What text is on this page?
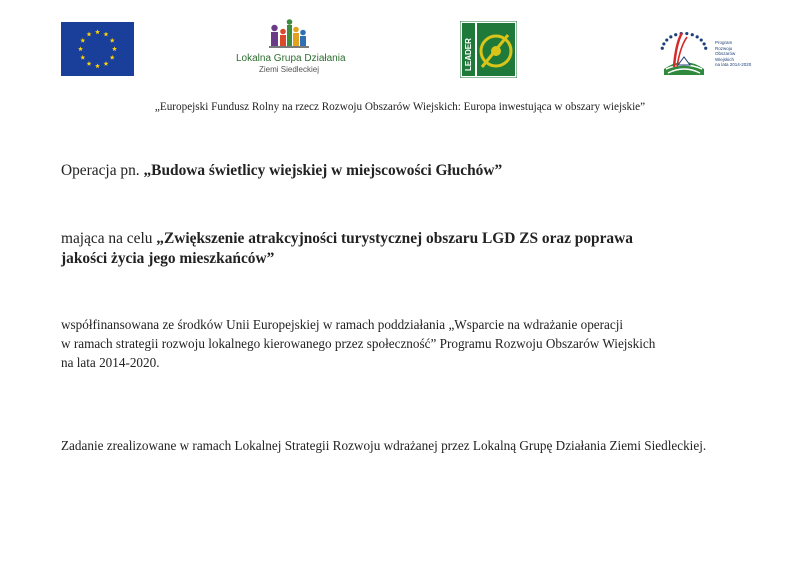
Lokalna Grupa Działania
Ziemi Siedleckiej	LEADER	Program
Rozwoju
Obszarów
Wiejskich
na lata 2014-2020

„Europejski Fundusz Rolny na rzecz Rozwoju Obszarów Wiejskich: Europa inwestująca w obszary wiejskie”

Operacja pn. „Budowa świetlicy wiejskiej w miejscowości Głuchów”

mająca na celu „Zwiększenie atrakcyjności turystycznej obszaru LGD ZS oraz poprawa
jakości życia jego mieszkańców”

współfinansowana ze środków Unii Europejskiej w ramach poddziałania „Wsparcie na wdrażanie operacji
w ramach strategii rozwoju lokalnego kierowanego przez społeczność” Programu Rozwoju Obszarów Wiejskich
na lata 2014-2020.

Zadanie zrealizowane w ramach Lokalnej Strategii Rozwoju wdrażanej przez Lokalną Grupę Działania Ziemi Siedleckiej.
